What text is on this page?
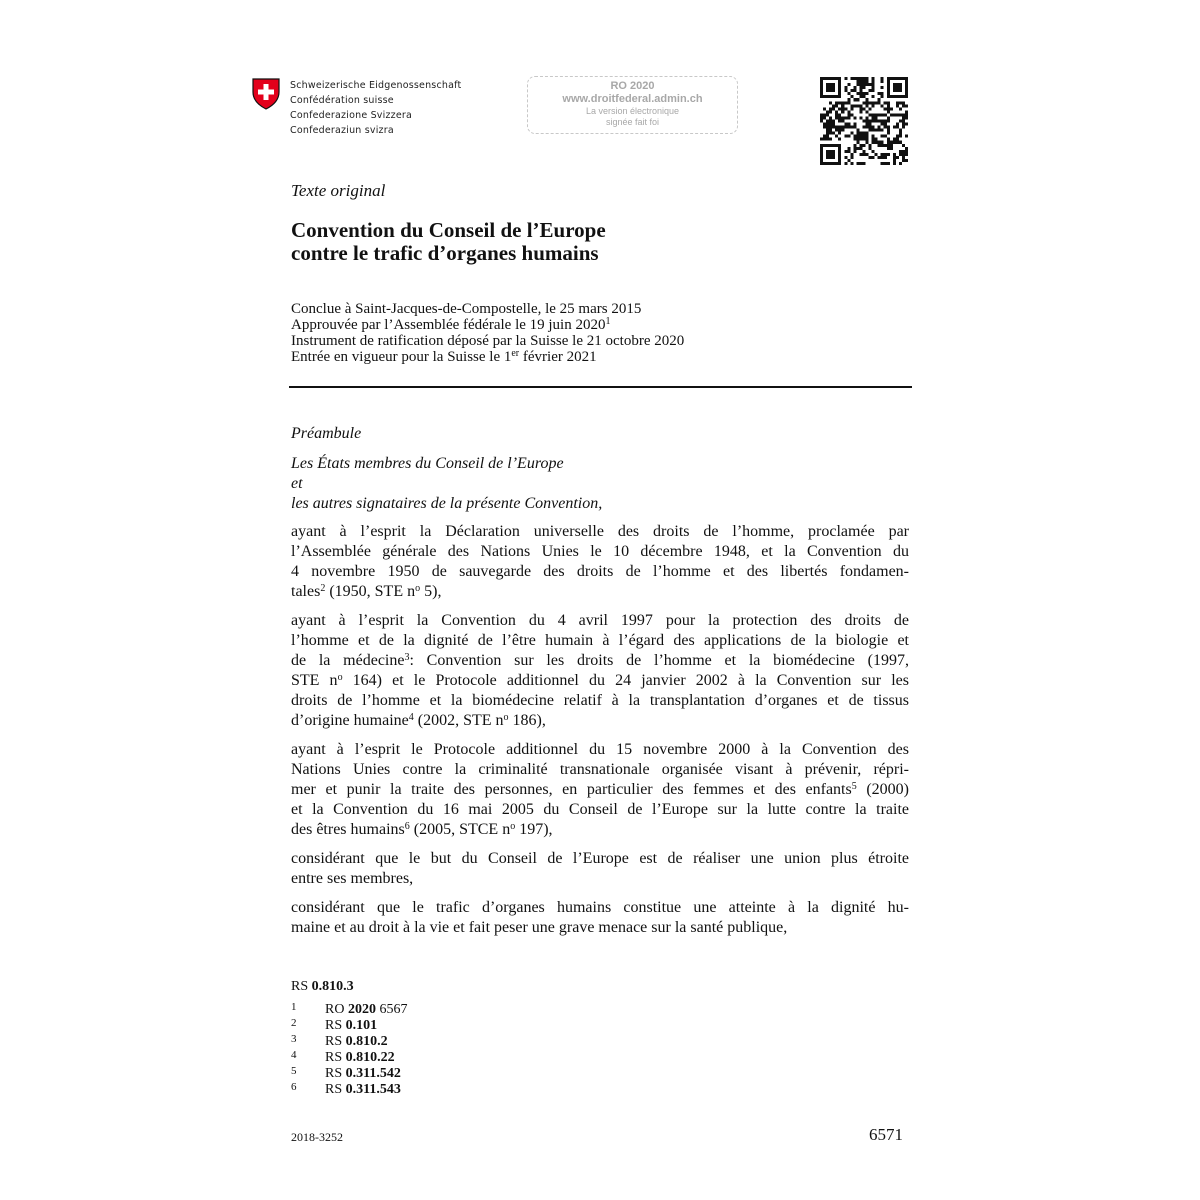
Schweizerische Eidgenossenschaft
Confédération suisse
Confederazione Svizzera
Confederaziun svizra
RO 2020
www.droitfederal.admin.ch
La version électronique
signée fait foi
Texte original
Convention du Conseil de l’Europe
contre le trafic d’organes humains
Conclue à Saint-Jacques-de-Compostelle, le 25 mars 2015
Approuvée par l’Assemblée fédérale le 19 juin 2020$^1$
Instrument de ratification déposé par la Suisse le 21 octobre 2020
Entrée en vigueur pour la Suisse le 1er février 2021
Préambule
Les États membres du Conseil de l’Europe
et
les autres signataires de la présente Convention,
ayant à l’esprit la Déclaration universelle des droits de l’homme, proclamée par
l’Assemblée générale des Nations Unies le 10 décembre 1948, et la Convention du
4 novembre 1950 de sauvegarde des droits de l’homme et des libertés fondamen-
tales$^2$ (1950, STE n$^o$ 5),
ayant à l’esprit la Convention du 4 avril 1997 pour la protection des droits de
l’homme et de la dignité de l’être humain à l’égard des applications de la biologie et
de la médecine$^3$: Convention sur les droits de l’homme et la biomédecine (1997,
STE n$^o$ 164) et le Protocole additionnel du 24 janvier 2002 à la Convention sur les
droits de l’homme et la biomédecine relatif à la transplantation d’organes et de tissus
d’origine humaine$^4$ (2002, STE n$^o$ 186),
ayant à l’esprit le Protocole additionnel du 15 novembre 2000 à la Convention des
Nations Unies contre la criminalité transnationale organisée visant à prévenir, répri-
mer et punir la traite des personnes, en particulier des femmes et des enfants$^5$ (2000)
et la Convention du 16 mai 2005 du Conseil de l’Europe sur la lutte contre la traite
des êtres humains$^6$ (2005, STCE n$^o$ 197),
considérant que le but du Conseil de l’Europe est de réaliser une union plus étroite
entre ses membres,
considérant que le trafic d’organes humains constitue une atteinte à la dignité hu-
maine et au droit à la vie et fait peser une grave menace sur la santé publique,
RS 0.810.3
1 RO 2020 6567
2 RS 0.101
3 RS 0.810.2
4 RS 0.810.22
5 RS 0.311.542
6 RS 0.311.543
2018-3252	6571
